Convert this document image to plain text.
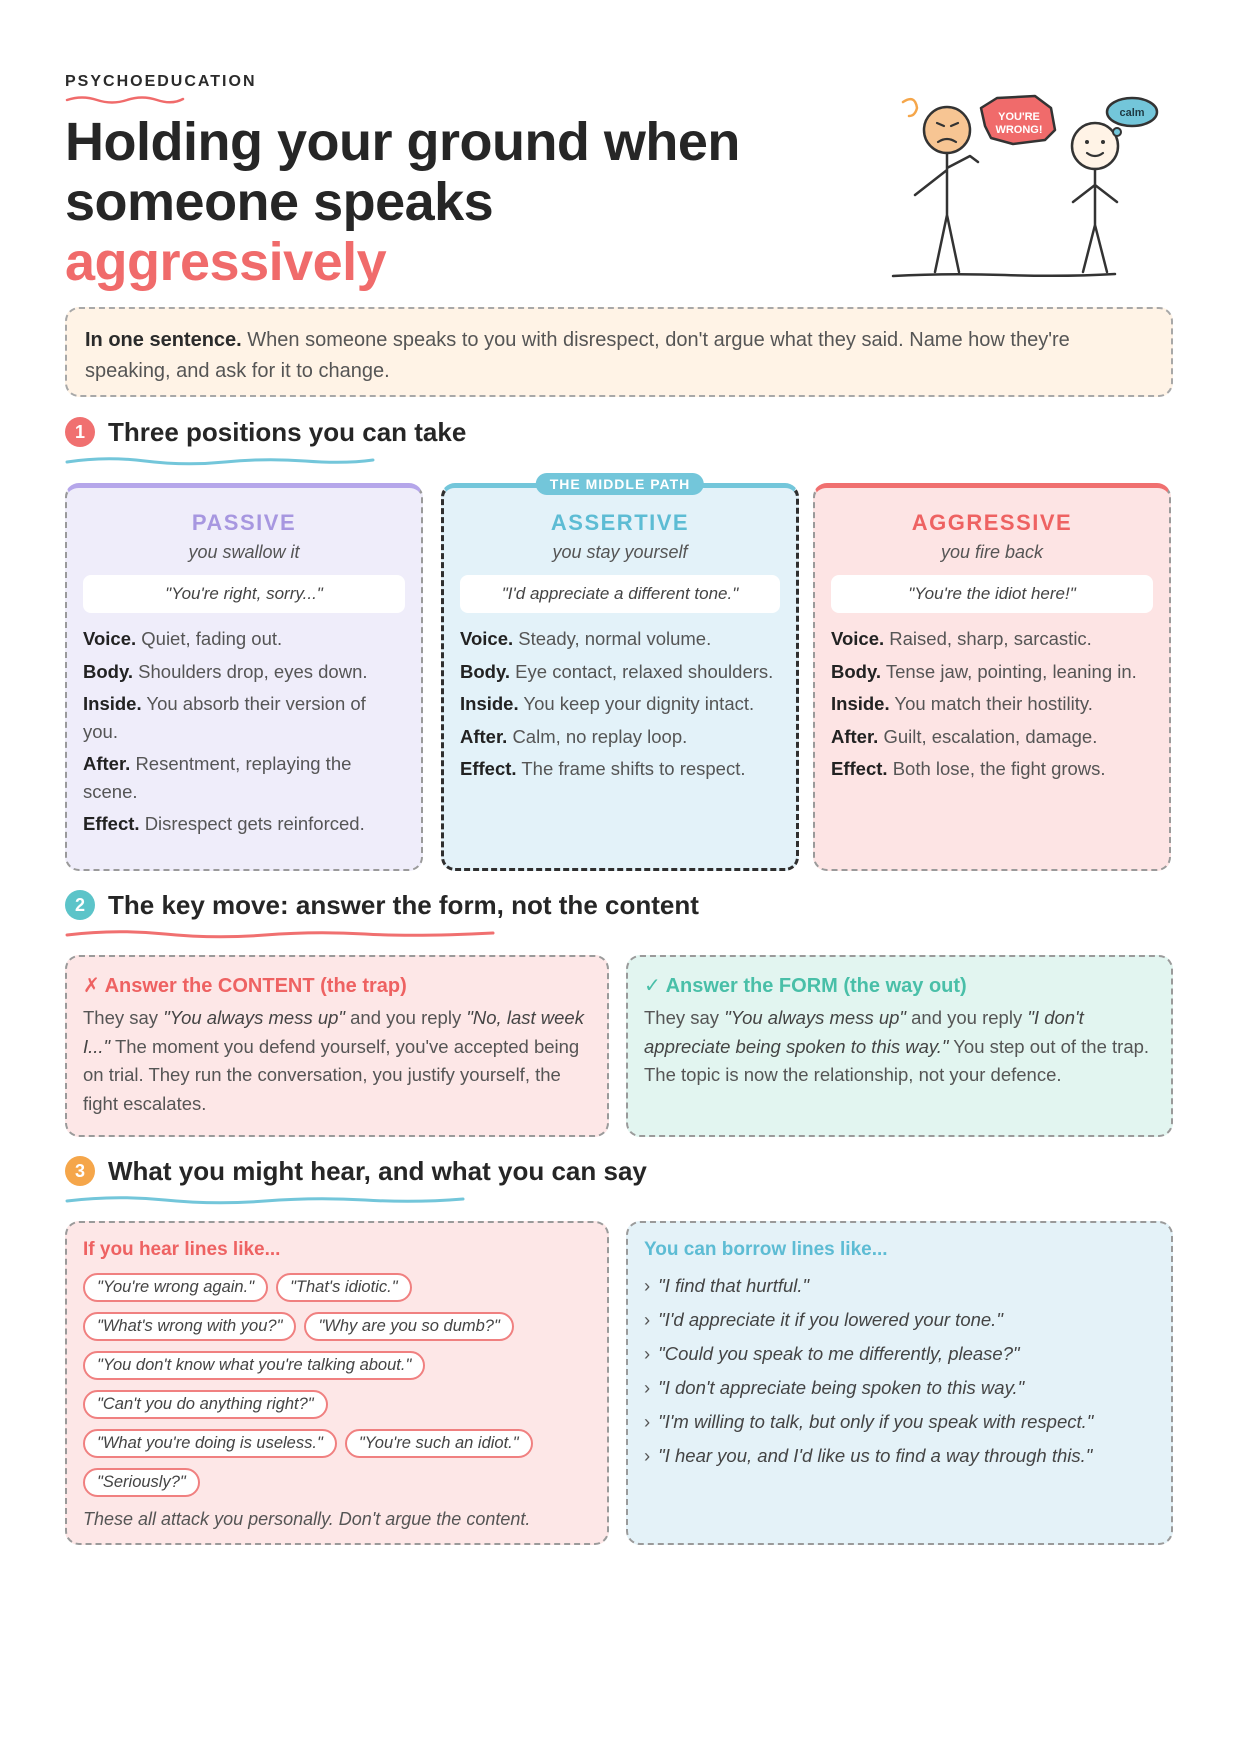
PSYCHOEDUCATION
Holding your ground when
someone speaks
aggressively
YOU'RE
WRONG!
calm
In one sentence. When someone speaks to you with disrespect, don't argue what they said. Name how they're speaking, and ask for it to change.
1 Three positions you can take
PASSIVE
you swallow it
"You're right, sorry..."
Voice. Quiet, fading out.
Body. Shoulders drop, eyes down.
Inside. You absorb their version of you.
After. Resentment, replaying the scene.
Effect. Disrespect gets reinforced.
THE MIDDLE PATH
ASSERTIVE
you stay yourself
"I'd appreciate a different tone."
Voice. Steady, normal volume.
Body. Eye contact, relaxed shoulders.
Inside. You keep your dignity intact.
After. Calm, no replay loop.
Effect. The frame shifts to respect.
AGGRESSIVE
you fire back
"You're the idiot here!"
Voice. Raised, sharp, sarcastic.
Body. Tense jaw, pointing, leaning in.
Inside. You match their hostility.
After. Guilt, escalation, damage.
Effect. Both lose, the fight grows.
2 The key move: answer the form, not the content
✗ Answer the CONTENT (the trap)
They say "You always mess up" and you reply "No, last week I..." The moment you defend yourself, you've accepted being on trial. They run the conversation, you justify yourself, the fight escalates.
✓ Answer the FORM (the way out)
They say "You always mess up" and you reply "I don't appreciate being spoken to this way." You step out of the trap. The topic is now the relationship, not your defence.
3 What you might hear, and what you can say
If you hear lines like...
"You're wrong again."	"That's idiotic."
"What's wrong with you?"	"Why are you so dumb?"
"You don't know what you're talking about."
"Can't you do anything right?"
"What you're doing is useless."	"You're such an idiot."
"Seriously?"
These all attack you personally. Don't argue the content.
You can borrow lines like...
› "I find that hurtful."
› "I'd appreciate it if you lowered your tone."
› "Could you speak to me differently, please?"
› "I don't appreciate being spoken to this way."
› "I'm willing to talk, but only if you speak with respect."
› "I hear you, and I'd like us to find a way through this."
